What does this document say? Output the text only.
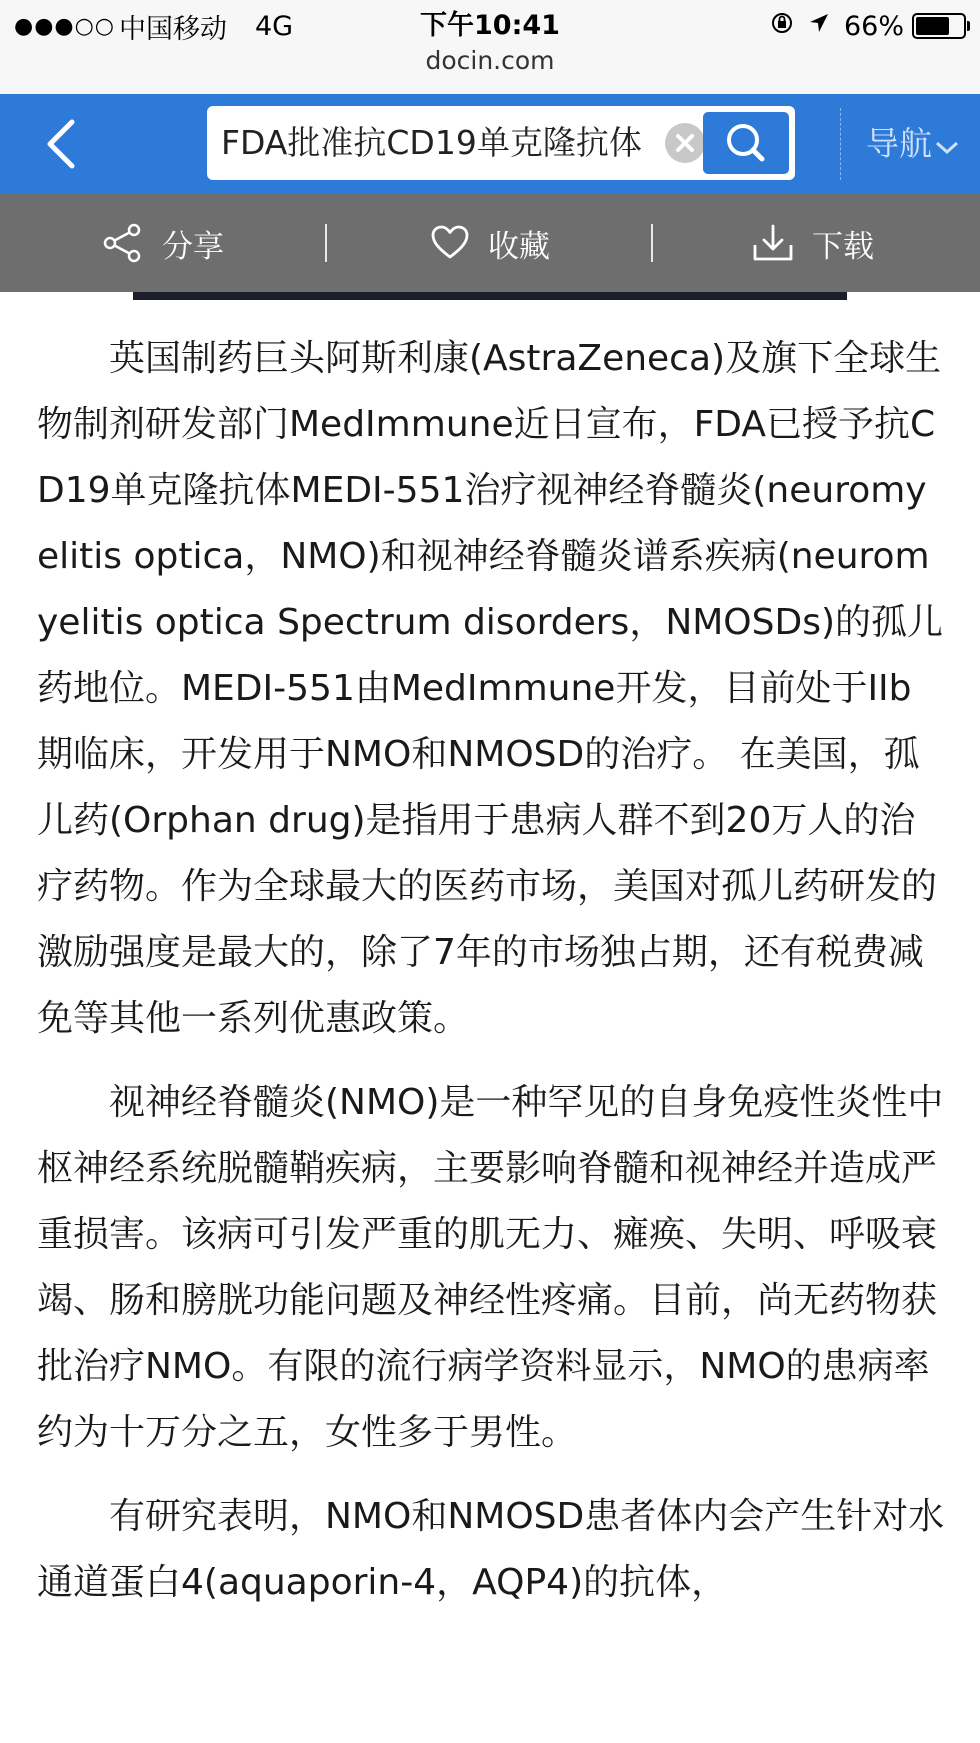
●●●○○ 中国移动 4G	下午10:41	66%
docin.com
FDA批准抗CD19单克隆抗体	导航
分享	收藏	下载

英国制药巨头阿斯利康(AstraZeneca)及旗下全球生物制剂研发部门MedImmune近日宣布，FDA已授予抗CD19单克隆抗体MEDI-551治疗视神经脊髓炎(neuromyelitis optica，NMO)和视神经脊髓炎谱系疾病(neuromyelitis optica Spectrum disorders，NMOSDs)的孤儿药地位。MEDI-551由MedImmune开发，目前处于IIb期临床，开发用于NMO和NMOSD的治疗。 在美国，孤儿药(Orphan drug)是指用于患病人群不到20万人的治疗药物。作为全球最大的医药市场，美国对孤儿药研发的激励强度是最大的，除了7年的市场独占期，还有税费减免等其他一系列优惠政策。

视神经脊髓炎(NMO)是一种罕见的自身免疫性炎性中枢神经系统脱髓鞘疾病，主要影响脊髓和视神经并造成严重损害。该病可引发严重的肌无力、瘫痪、失明、呼吸衰竭、肠和膀胱功能问题及神经性疼痛。目前，尚无药物获批治疗NMO。有限的流行病学资料显示，NMO的患病率约为十万分之五，女性多于男性。

有研究表明，NMO和NMOSD患者体内会产生针对水通道蛋白4(aquaporin-4，AQP4)的抗体，
